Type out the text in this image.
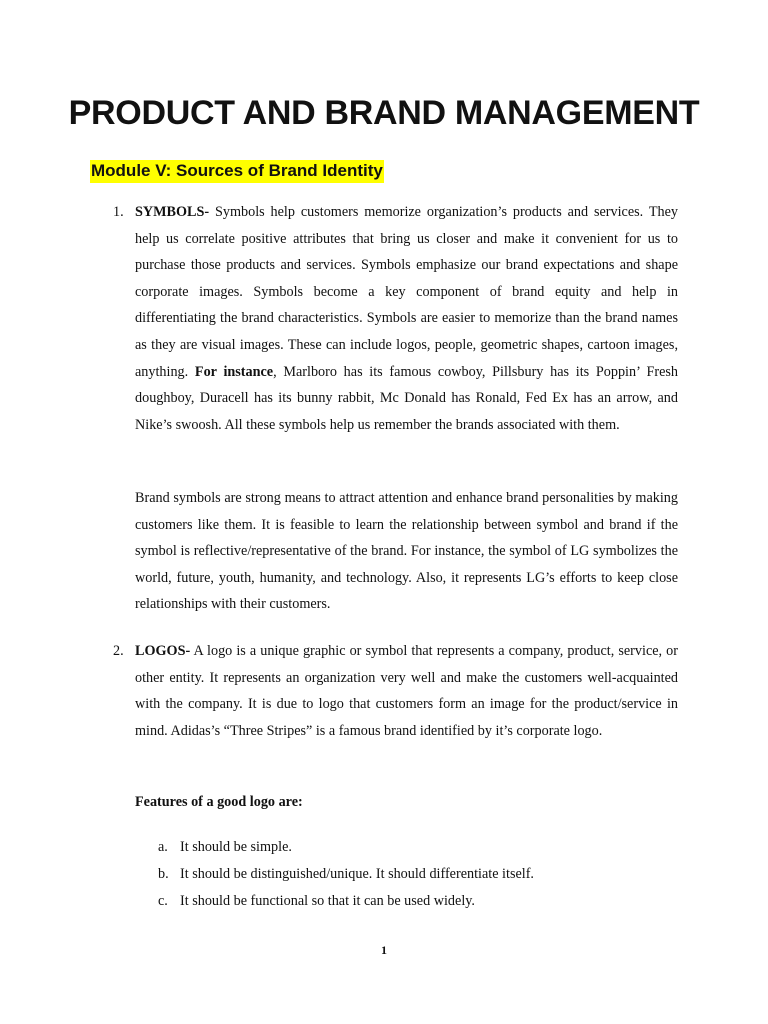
PRODUCT AND BRAND MANAGEMENT
Module V: Sources of Brand Identity

1. SYMBOLS- Symbols help customers memorize organization’s products and services. They help us correlate positive attributes that bring us closer and make it convenient for us to purchase those products and services. Symbols emphasize our brand expectations and shape corporate images. Symbols become a key component of brand equity and help in differentiating the brand characteristics. Symbols are easier to memorize than the brand names as they are visual images. These can include logos, people, geometric shapes, cartoon images, anything. For instance, Marlboro has its famous cowboy, Pillsbury has its Poppin’ Fresh doughboy, Duracell has its bunny rabbit, Mc Donald has Ronald, Fed Ex has an arrow, and Nike’s swoosh. All these symbols help us remember the brands associated with them.

Brand symbols are strong means to attract attention and enhance brand personalities by making customers like them. It is feasible to learn the relationship between symbol and brand if the symbol is reflective/representative of the brand. For instance, the symbol of LG symbolizes the world, future, youth, humanity, and technology. Also, it represents LG’s efforts to keep close relationships with their customers.

2. LOGOS- A logo is a unique graphic or symbol that represents a company, product, service, or other entity. It represents an organization very well and make the customers well-acquainted with the company. It is due to logo that customers form an image for the product/service in mind. Adidas’s “Three Stripes” is a famous brand identified by it’s corporate logo.

Features of a good logo are:

a. It should be simple.
b. It should be distinguished/unique. It should differentiate itself.
c. It should be functional so that it can be used widely.

1
